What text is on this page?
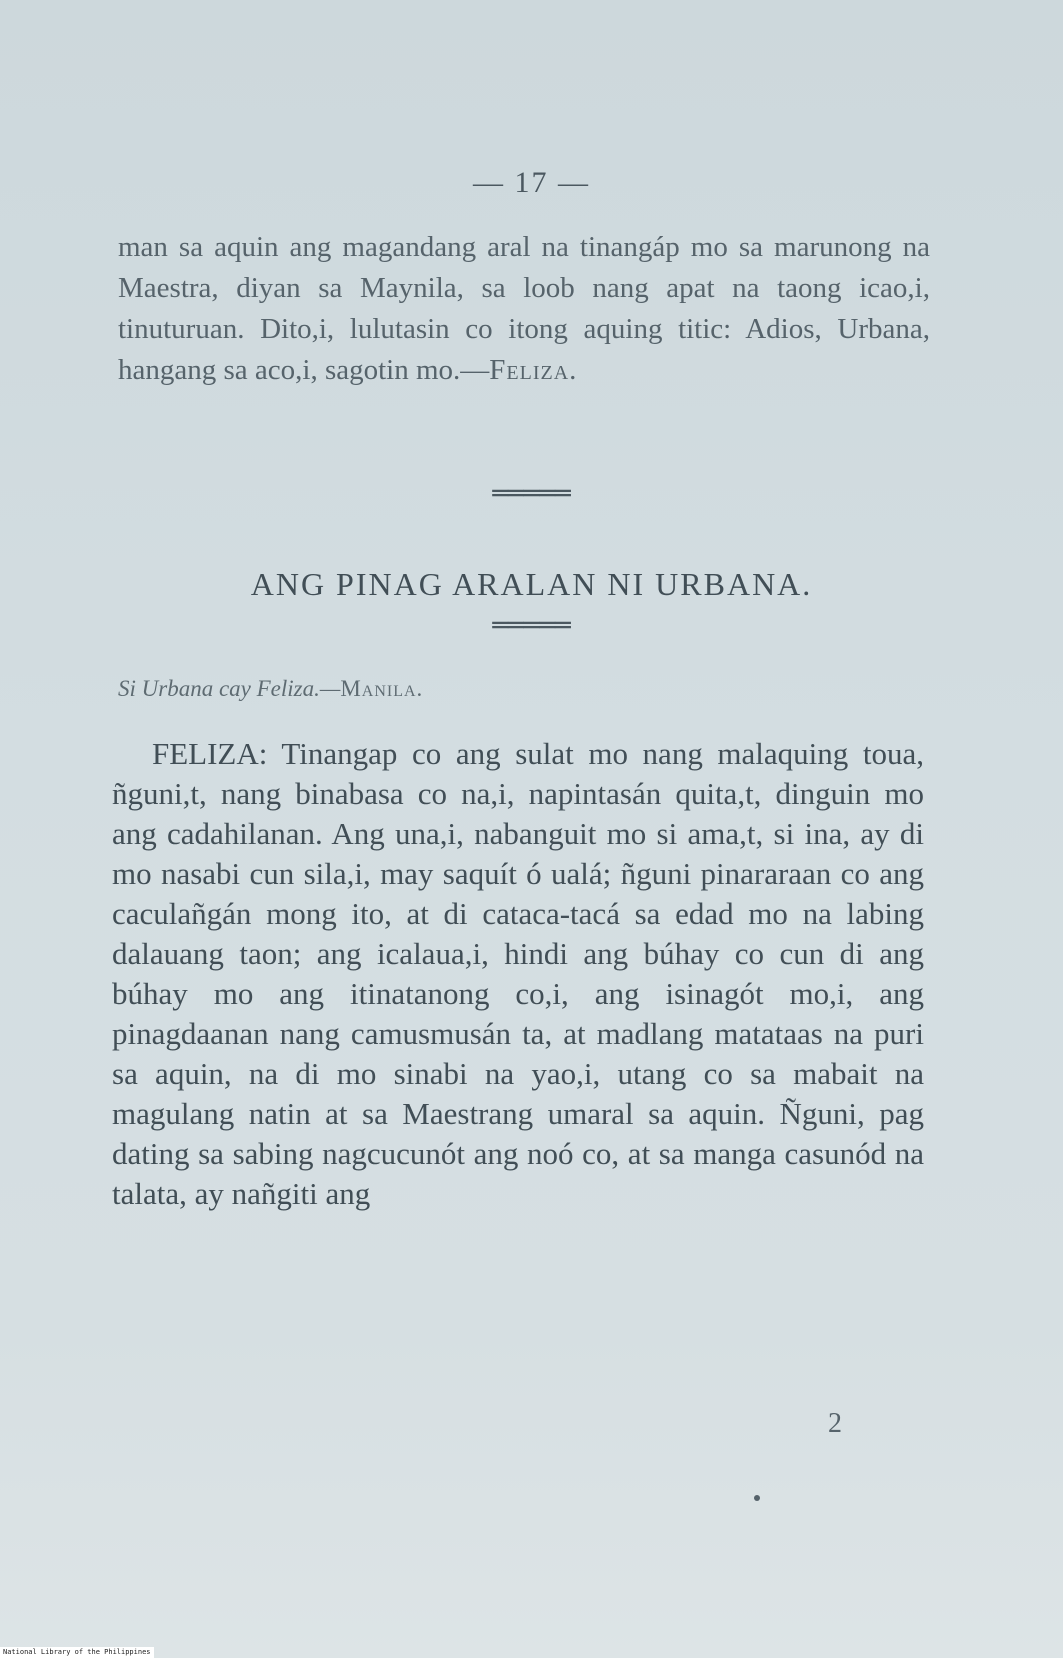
— 17 —

man sa aquin ang magandang aral na tinangáp mo sa marunong na Maestra, diyan sa Maynila, sa loob nang apat na taong icao,i, tinuturuan. Dito,i, lulutasin co itong aquing titic: Adios, Urbana, hangang sa aco,i, sagotin mo.—Feliza.

═════
ANG PINAG ARALAN NI URBANA.
═════
Si Urbana cay Feliza.—Manila.

FELIZA: Tinangap co ang sulat mo nang malaquing toua, ñguni,t, nang binabasa co na,i, napintasán quita,t, dinguin mo ang cadahilanan. Ang una,i, nabanguit mo si ama,t, si ina, ay di mo nasabi cun sila,i, may saquít ó ualá; ñguni pinararaan co ang caculañgán mong ito, at di cataca-tacá sa edad mo na labing dalauang taon; ang icalaua,i, hindi ang búhay co cun di ang búhay mo ang itinatanong co,i, ang isinagót mo,i, ang pinagdaanan nang camusmusán ta, at madlang matataas na puri sa aquin, na di mo sinabi na yao,i, utang co sa mabait na magulang natin at sa Maestrang umaral sa aquin. Ñguni, pag dating sa sabing nagcucunót ang noó co, at sa manga casunód na talata, ay nañgiti ang

2
National Library of the Philippines
